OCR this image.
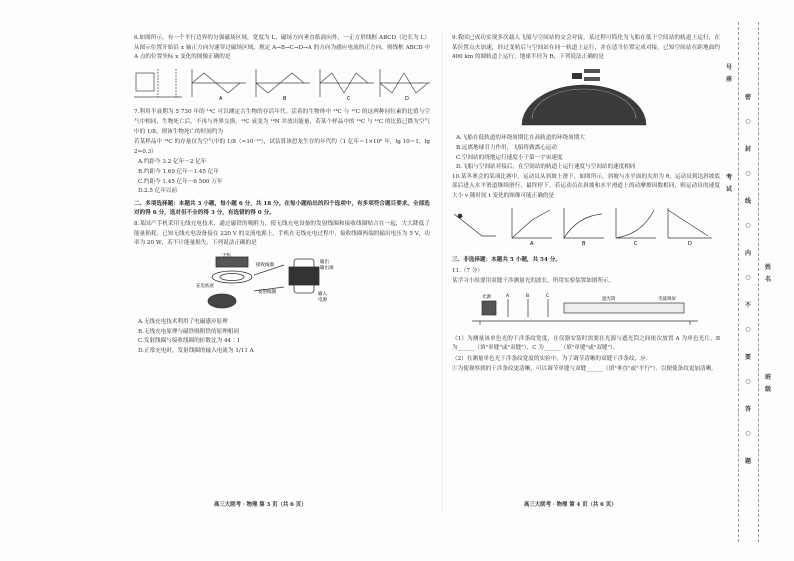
6.如图所示，有一个平行边界的匀强磁场区域，宽度为 L，磁场方向垂直纸面向外，一正方形线框 ABCD（边长为 L）从图示位置开始沿 x 轴正方向匀速穿过磁场区域，规定 A→B→C→D→A 的方向为感应电流的正方向，则线框 ABCD 中 A 点的位置坐标 x 变化的图像正确的是
A	B	C	D
7.利用半衰期为 5 730 年的 ¹⁴C 可以测定古生物的存活年代。活着的生物体中 ¹⁴C 与 ¹²C 的这两种同位素的比值与空气中相同，生物死亡后，不再与外界交换，¹⁴C 衰变为 ¹⁴N 并放出能量，若某个样品中的 ¹⁴C 与 ¹²C 的比值已降为空气中的 1/8，则该生物死亡的时间约为
若某样品中 ¹⁴C 的存量仅为空气中的 1/8（≈10⁻¹⁰），试估算该恐龙生存的年代约（1 亿年＝1×10⁸ 年，lg 10＝1，lg 2≈0.3）
A.约距今 3.2 亿年～2 亿年
B.约距今 1.69 亿年～1.45 亿年
C.约距今 1.45 亿年～6 500 万年
D.2.5 亿年以前
二、多项选择题：本题共 3 小题，每小题 6 分，共 18 分。在每小题给出的四个选项中，有多项符合题目要求。全部选对的得 6 分，选对但不全的得 3 分，有选错的得 0 分。
8.某国产手机采用无线充电技术，通过磁铁的吸附力，使无线充电设备的发射线圈和接收线圈贴合在一起，大大降低了能量损耗。已知无线充电设备接在 220 V 的交流电源上，手机在无线充电过程中，接收线圈两端的输出电压为 5 V，功率为 20 W，若不计能量损失，下列说法正确的是
手机
接收线圈
输出
输出端
充电底座
发射线圈	输入
电源
A.无线充电技术利用了电磁感应原理
B.无线充电原理与磁铁吸附铁的原理相同
C.发射线圈与接收线圈的匝数比为 44∶1
D.正常充电时，发射线圈的输入电流为 1/11 A
高三大联考 · 物理 第 3 页（共 6 页）
9.我国已成功实现多次载人飞船与空间站的交会对接，某过程可简化为飞船在低于空间站的轨道上运行，在某位置点火加速，经过变轨后与空间站在同一轨道上运行，并在适当位置完成对接。已知空间站在距地面约 400 km 的圆轨道上运行，地球半径为 R，下列说法正确的是
A.飞船在低轨道的环绕周期比在高轨道的环绕周期大
B.远离地球引力作用，飞船将做离心运动
C.空间站的绕地运行速度小于第一宇宙速度
D.飞船与空间站对接后，在空间站的轨道上运行速度与空间站的速度相同
10.某冬奥会的某项比赛中，运动员从斜坡上滑下，如图所示，斜坡与水平面的夹角为 θ，运动员到达斜坡底部后进入水平滑道继续滑行，最终停下。若运动员在斜坡和水平滑道上的动摩擦因数相同，则运动员的速度大小 v 随时间 t 变化的图像可能正确的是
A	B	C	D
三、非选择题：本题共 5 小题，共 54 分。
11.（7 分）
某学习小组要用双缝干涉测量光的波长，所用实验装置如图所示。
光源	A	B	C
遮光筒	毛玻璃屏
（1）为测量该单色光的干涉条纹宽度，在仪器安装时需要在光源与遮光筒之间依次放置 A 为单色光片，B 为______（填"单缝"或"双缝"），C 为______（填"单缝"或"双缝"）。
（2）在测量单色光干涉条纹宽度的实验中，为了调节清晰的双缝干涉条纹，应：
①为使观察到的干涉条纹更清晰，可以调节单缝与双缝______（填"垂直"或"平行"），以便使条纹更加清晰。
高三大联考 · 物理 第 4 页（共 6 页）
号
座
考
试
密
○
封
○
线
○
内
○
不
○
要
○
答
○
题
姓
名
班
级
